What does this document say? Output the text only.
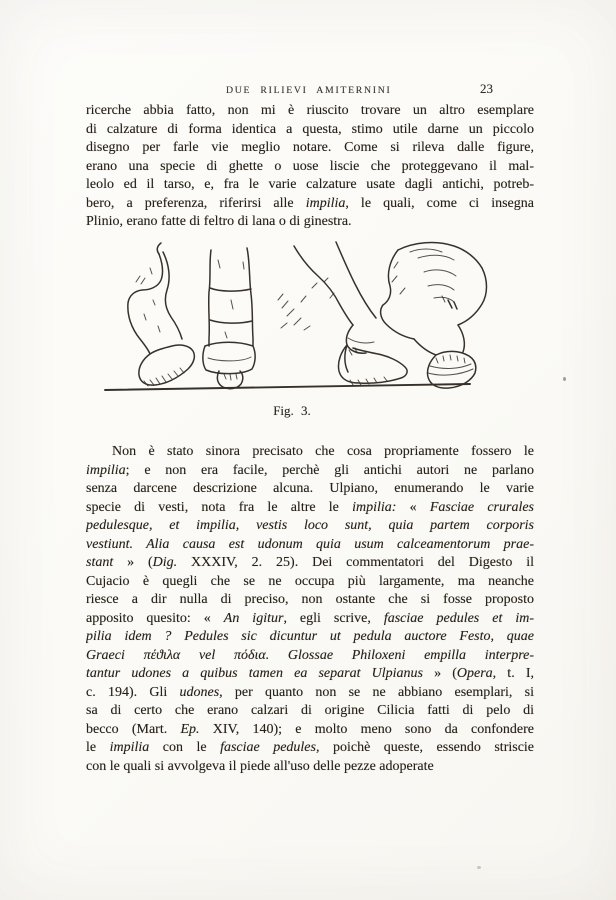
DUE RILIEVI AMITERNINI	23
ricerche abbia fatto, non mi è riuscito trovare un altro esemplare
di calzature di forma identica a questa, stimo utile darne un piccolo
disegno per farle vie meglio notare. Come si rileva dalle figure,
erano una specie di ghette o uose liscie che proteggevano il mal-
leolo ed il tarso, e, fra le varie calzature usate dagli antichi, potreb-
bero, a preferenza, riferirsi alle impilia, le quali, come ci insegna
Plinio, erano fatte di feltro di lana o di ginestra.
Fig. 3.
Non è stato sinora precisato che cosa propriamente fossero le
impilia; e non era facile, perchè gli antichi autori ne parlano
senza darcene descrizione alcuna. Ulpiano, enumerando le varie
specie di vesti, nota fra le altre le impilia: « Fasciae crurales
pedulesque, et impilia, vestis loco sunt, quia partem corporis
vestiunt. Alia causa est udonum quia usum calceamentorum prae-
stant » (Dig. XXXIV, 2. 25). Dei commentatori del Digesto il
Cujacio è quegli che se ne occupa più largamente, ma neanche
riesce a dir nulla di preciso, non ostante che si fosse proposto
apposito quesito: « An igitur, egli scrive, fasciae pedules et im-
pilia idem ? Pedules sic dicuntur ut pedula auctore Festo, quae
Graeci πέϑιλα vel πόδια. Glossae Philoxeni empilla interpre-
tantur udones a quibus tamen ea separat Ulpianus » (Opera, t. I,
c. 194). Gli udones, per quanto non se ne abbiano esemplari, si
sa di certo che erano calzari di origine Cilicia fatti di pelo di
becco (Mart. Ep. XIV, 140); e molto meno sono da confondere
le impilia con le fasciae pedules, poichè queste, essendo striscie
con le quali si avvolgeva il piede all'uso delle pezze adoperate
